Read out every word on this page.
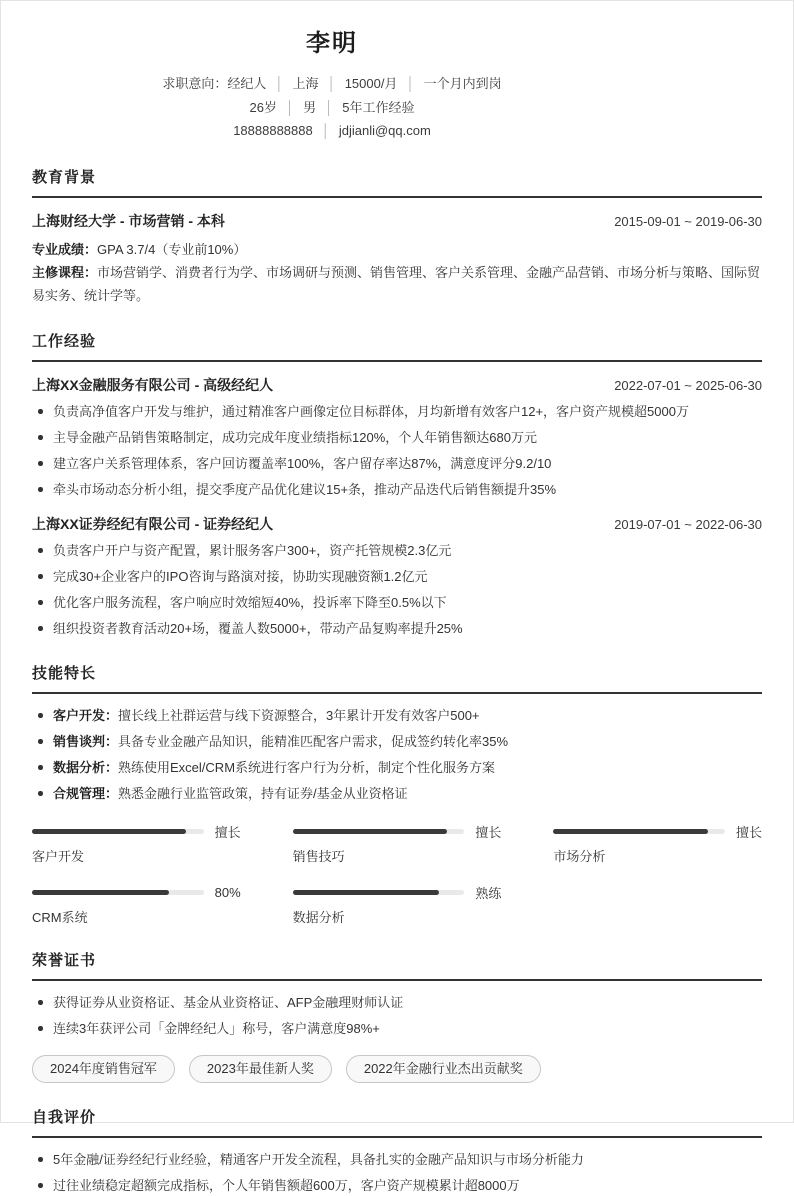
李明
求职意向：经纪人 │ 上海 │ 15000/月 │ 一个月内到岗
26岁 │ 男 │ 5年工作经验
18888888888 │ jdjianli@qq.com
教育背景
上海财经大学 - 市场营销 - 本科	2015-09-01 ~ 2019-06-30
专业成绩：GPA 3.7/4（专业前10%）
主修课程：市场营销学、消费者行为学、市场调研与预测、销售管理、客户关系管理、金融产品营销、市场分析与策略、国际贸易实务、统计学等。
工作经验
上海XX金融服务有限公司 - 高级经纪人	2022-07-01 ~ 2025-06-30
负责高净值客户开发与维护，通过精准客户画像定位目标群体，月均新增有效客户12+，客户资产规模超5000万
主导金融产品销售策略制定，成功完成年度业绩指标120%，个人年销售额达680万元
建立客户关系管理体系，客户回访覆盖率100%，客户留存率达87%，满意度评分9.2/10
牵头市场动态分析小组，提交季度产品优化建议15+条，推动产品迭代后销售额提升35%
上海XX证券经纪有限公司 - 证券经纪人	2019-07-01 ~ 2022-06-30
负责客户开户与资产配置，累计服务客户300+，资产托管规模2.3亿元
完成30+企业客户的IPO咨询与路演对接，协助实现融资额1.2亿元
优化客户服务流程，客户响应时效缩短40%，投诉率下降至0.5%以下
组织投资者教育活动20+场，覆盖人数5000+，带动产品复购率提升25%
技能特长
客户开发：擅长线上社群运营与线下资源整合，3年累计开发有效客户500+
销售谈判：具备专业金融产品知识，能精准匹配客户需求，促成签约转化率35%
数据分析：熟练使用Excel/CRM系统进行客户行为分析，制定个性化服务方案
合规管理：熟悉金融行业监管政策，持有证券/基金从业资格证
擅长
客户开发
擅长
销售技巧
擅长
市场分析
80%
CRM系统
熟练
数据分析
荣誉证书
获得证券从业资格证、基金从业资格证、AFP金融理财师认证
连续3年获评公司「金牌经纪人」称号，客户满意度98%+
2024年度销售冠军	2023年最佳新人奖	2022年金融行业杰出贡献奖
自我评价
5年金融/证券经纪行业经验，精通客户开发全流程，具备扎实的金融产品知识与市场分析能力
过往业绩稳定超额完成指标，个人年销售额超600万，客户资产规模累计超8000万
